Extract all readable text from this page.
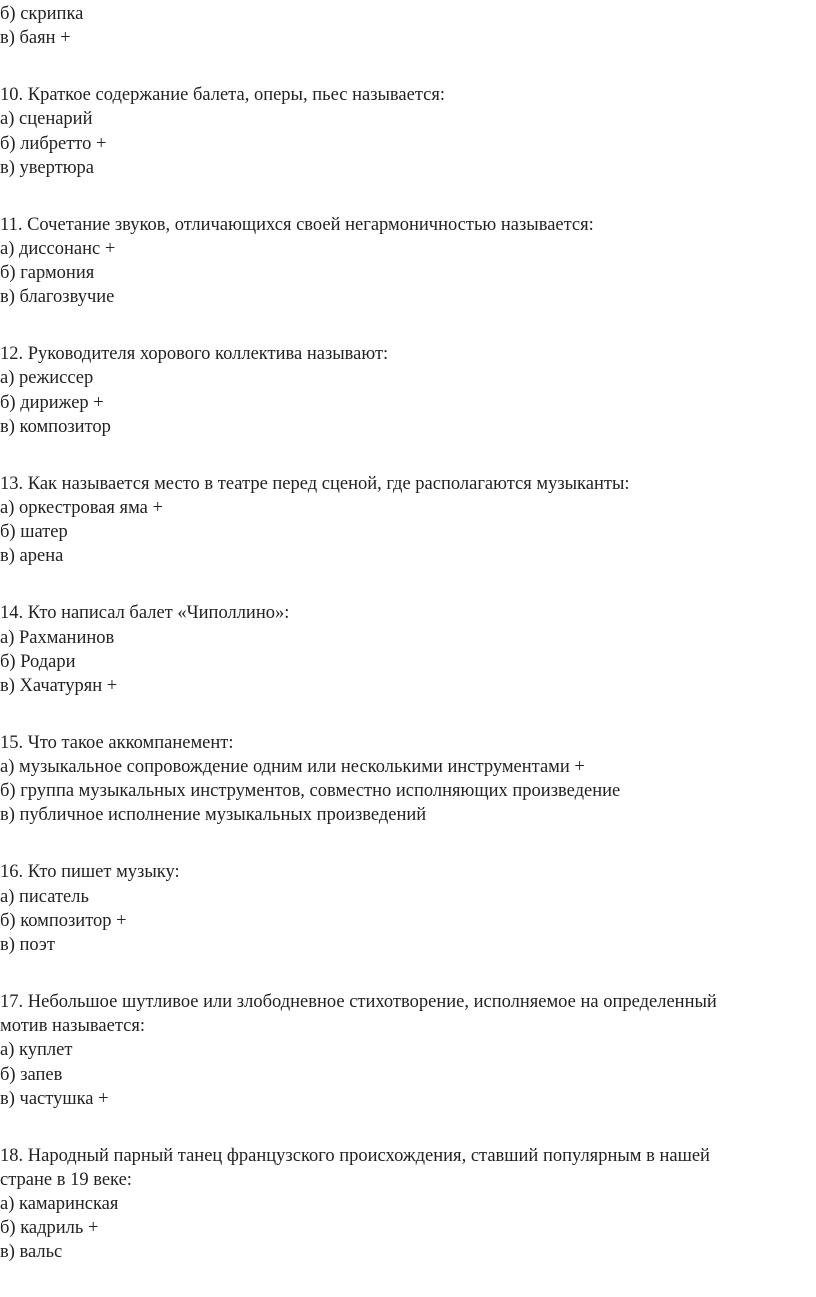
б) скрипка

в) баян +

10. Краткое содержание балета, оперы, пьес называется:

а) сценарий

б) либретто +

в) увертюра

11. Сочетание звуков, отличающихся своей негармоничностью называется:

а) диссонанс +

б) гармония

в) благозвучие

12. Руководителя хорового коллектива называют:

а) режиссер

б) дирижер +

в) композитор

13. Как называется место в театре перед сценой, где располагаются музыканты:

а) оркестровая яма +

б) шатер

в) арена

14. Кто написал балет «Чиполлино»:

а) Рахманинов

б) Родари

в) Хачатурян +

15. Что такое аккомпанемент:

а) музыкальное сопровождение одним или несколькими инструментами +

б) группа музыкальных инструментов, совместно исполняющих произведение

в) публичное исполнение музыкальных произведений

16. Кто пишет музыку:

а) писатель

б) композитор +

в) поэт

17. Небольшое шутливое или злободневное стихотворение, исполняемое на определенный

мотив называется:

а) куплет

б) запев

в) частушка +

18. Народный парный танец французского происхождения, ставший популярным в нашей

стране в 19 веке:

а) камаринская

б) кадриль +

в) вальс
